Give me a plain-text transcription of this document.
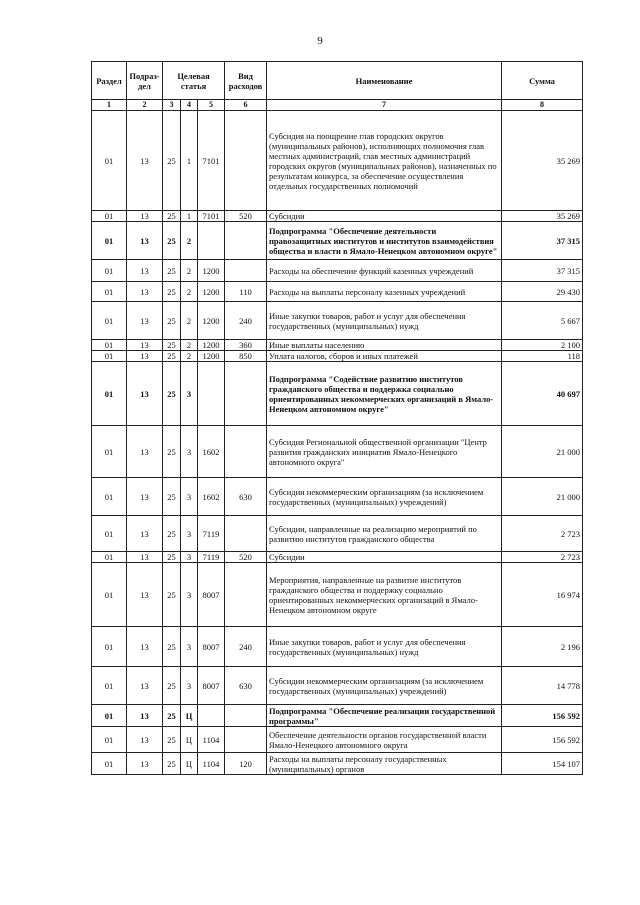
9
Раздел	Подраз-дел	Целевая статья			Вид расходов	Наименование	Сумма
1	2	3	4	5	6	7	8
01	13	25	1	7101		Субсидия на поощрение глав городских округов (муниципальных районов), исполняющих полномочия глав местных администраций, глав местных администраций городских округов (муниципальных районов), назначенных по результатам конкурса, за обеспечение осуществления отдельных государственных полномочий	35 269
01	13	25	1	7101	520	Субсидии	35 269
01	13	25	2			Подпрограмма "Обеспечение деятельности правозащитных институтов и институтов взаимодействия общества и власти в Ямало-Ненецком автономном округе"	37 315
01	13	25	2	1200		Расходы на обеспечение функций казенных учреждений	37 315
01	13	25	2	1200	110	Расходы на выплаты персоналу казенных учреждений	29 430
01	13	25	2	1200	240	Иные закупки товаров, работ и услуг для обеспечения государственных (муниципальных) нужд	5 667
01	13	25	2	1200	360	Иные выплаты населению	2 100
01	13	25	2	1200	850	Уплата налогов, сборов и иных платежей	118
01	13	25	3			Подпрограмма "Содействие развитию институтов гражданского общества и поддержка социально ориентированных некоммерческих организаций в Ямало-Ненецком автономном округе"	40 697
01	13	25	3	1602		Субсидия Региональной общественной организации "Центр развития гражданских инициатив Ямало-Ненецкого автономного округа"	21 000
01	13	25	3	1602	630	Субсидии некоммерческим организациям (за исключением государственных (муниципальных) учреждений)	21 000
01	13	25	3	7119		Субсидии, направленные на реализацию мероприятий по развитию институтов гражданского общества	2 723
01	13	25	3	7119	520	Субсидии	2 723
01	13	25	3	8007		Мероприятия, направленные на развитие институтов гражданского общества и поддержку социально ориентированных некоммерческих организаций в Ямало-Ненецком автономном округе	16 974
01	13	25	3	8007	240	Иные закупки товаров, работ и услуг для обеспечения государственных (муниципальных) нужд	2 196
01	13	25	3	8007	630	Субсидии некоммерческим организациям (за исключением государственных (муниципальных) учреждений)	14 778
01	13	25	Ц			Подпрограмма "Обеспечение реализации государственной программы"	156 592
01	13	25	Ц	1104		Обеспечение деятельности органов государственной власти Ямало-Ненецкого автономного округа	156 592
01	13	25	Ц	1104	120	Расходы на выплаты персоналу государственных (муниципальных) органов	154 107
